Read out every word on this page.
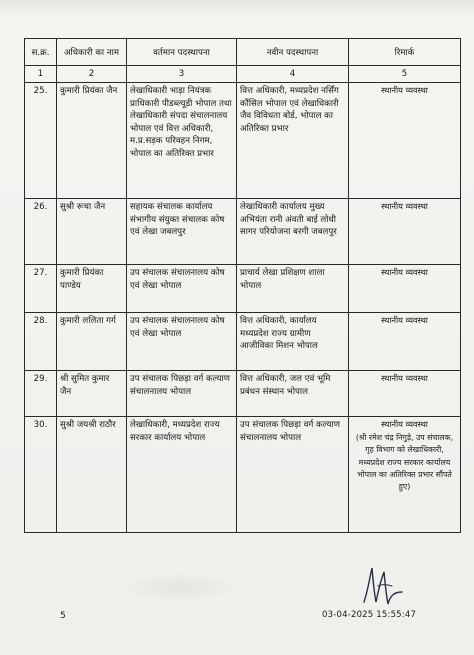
स.क्र.	अधिकारी का नाम	वर्तमान पदस्थापना	नवीन पदस्थापना	रिमार्क
1	2	3	4	5
25.	कुमारी प्रियंका जैन	लेखाधिकारी भाड़ा नियंत्रक प्राधिकारी पीडब्ल्यूडी भोपाल तथा लेखाधिकारी संपदा संचालनालय भोपाल एवं वित्त अधिकारी, म.प्र.सड़क परिवहन निगम, भोपाल का अतिरिक्त प्रभार	वित्त अधिकारी, मध्यप्रदेश नर्सिंग कौंसिल भोपाल एवं लेखाधिकारी जैव विविधता बोर्ड, भोपाल का अतिरिक्त प्रभार	स्थानीय व्यवस्था
26.	सुश्री रूचा जैन	सहायक संचालक कार्यालय संभागीय संयुक्त संचालक कोष एवं लेखा जबलपुर	लेखाधिकारी कार्यालय मुख्य अभियंता रानी अंवती बाई लोधी सागर परियोजना बरगी जबलपुर	स्थानीय व्यवस्था
27.	कुमारी प्रियंका पाण्डेय	उप संचालक संचालनालय कोष एवं लेखा भोपाल	प्राचार्य लेखा प्रशिक्षण शाला भोपाल	स्थानीय व्यवस्था
28.	कुमारी ललिता गर्ग	उप संचालक संचालनालय कोष एवं लेखा भोपाल	वित्त अधिकारी, कार्यालय मध्यप्रदेश राज्य ग्रामीण आजीविका मिशन भोपाल	स्थानीय व्यवस्था
29.	श्री सुमित कुमार जैन	उप संचालक पिछड़ा वर्ग कल्याण संचालनालय भोपाल	वित्त अधिकारी, जल एवं भूमि प्रबंधन संस्थान भोपाल	स्थानीय व्यवस्था
30.	सुश्री जयश्री राठौर	लेखाधिकारी, मध्यप्रदेश राज्य सरकार कार्यालय भोपाल	उप संचालक पिछड़ा वर्ग कल्याण संचालनालय भोपाल	स्थानीय व्यवस्था
(श्री रमेश चंद्र निगुड़े, उप संचालक, गृह विभाग को लेखाधिकारी, मध्यप्रदेश राज्य सरकार कार्यालय भोपाल का अतिरिक्त प्रभार सौंपते हुए)
5	03-04-2025 15:55:47
